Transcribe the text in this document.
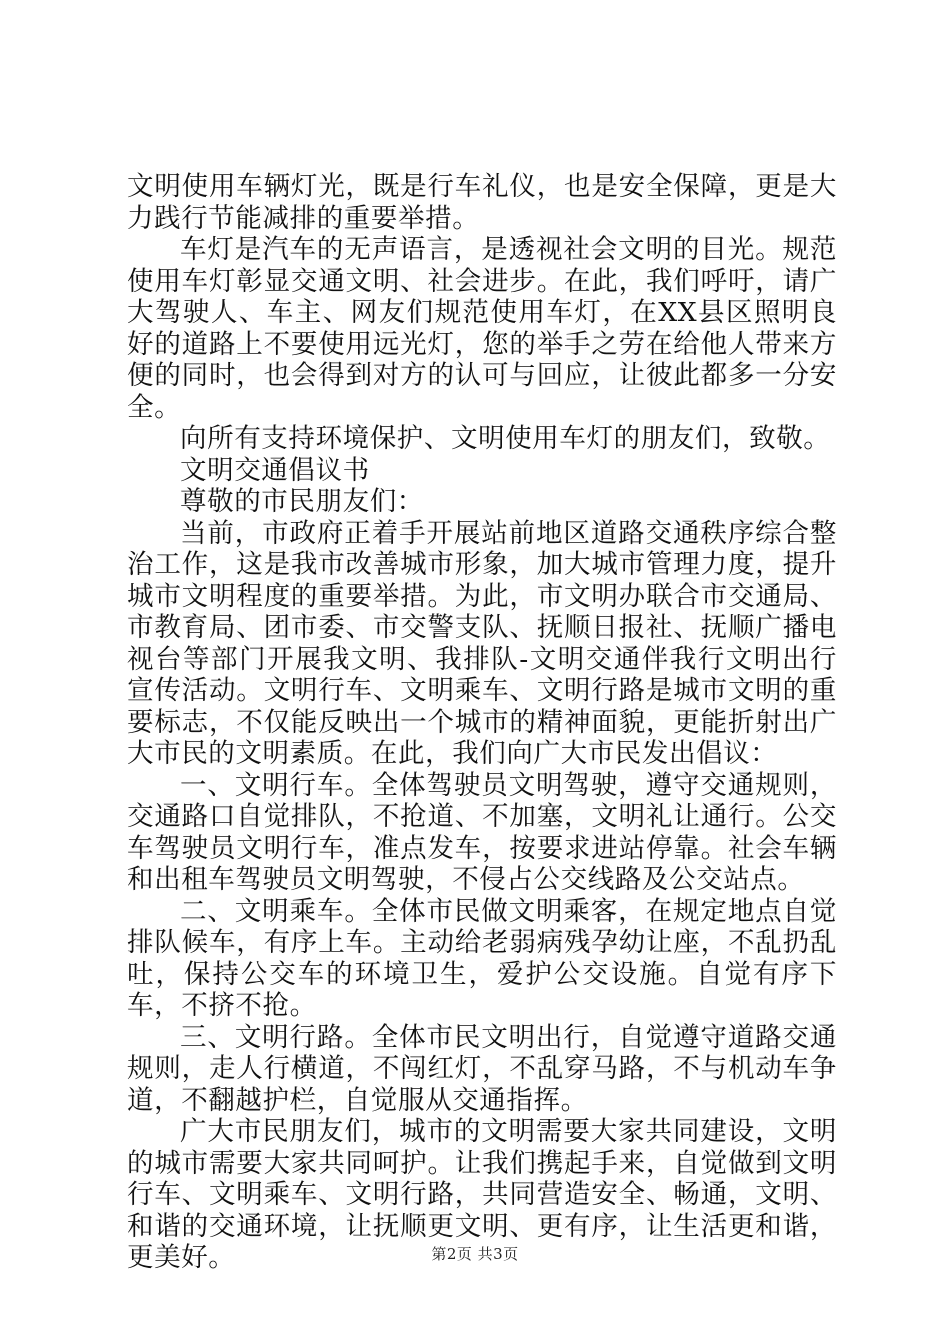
文明使用车辆灯光，既是行车礼仪，也是安全保障，更是大力践行节能减排的重要举措。

车灯是汽车的无声语言，是透视社会文明的目光。规范使用车灯彰显交通文明、社会进步。在此，我们呼吁，请广大驾驶人、车主、网友们规范使用车灯，在XX县区照明良好的道路上不要使用远光灯，您的举手之劳在给他人带来方便的同时，也会得到对方的认可与回应，让彼此都多一分安全。

向所有支持环境保护、文明使用车灯的朋友们，致敬。

文明交通倡议书

尊敬的市民朋友们：

当前，市政府正着手开展站前地区道路交通秩序综合整治工作，这是我市改善城市形象，加大城市管理力度，提升城市文明程度的重要举措。为此，市文明办联合市交通局、市教育局、团市委、市交警支队、抚顺日报社、抚顺广播电视台等部门开展我文明、我排队-文明交通伴我行文明出行宣传活动。文明行车、文明乘车、文明行路是城市文明的重要标志，不仅能反映出一个城市的精神面貌，更能折射出广大市民的文明素质。在此，我们向广大市民发出倡议：

一、文明行车。全体驾驶员文明驾驶，遵守交通规则，交通路口自觉排队，不抢道、不加塞，文明礼让通行。公交车驾驶员文明行车，准点发车，按要求进站停靠。社会车辆和出租车驾驶员文明驾驶，不侵占公交线路及公交站点。

二、文明乘车。全体市民做文明乘客，在规定地点自觉排队候车，有序上车。主动给老弱病残孕幼让座，不乱扔乱吐，保持公交车的环境卫生，爱护公交设施。自觉有序下车，不挤不抢。

三、文明行路。全体市民文明出行，自觉遵守道路交通规则，走人行横道，不闯红灯，不乱穿马路，不与机动车争道，不翻越护栏，自觉服从交通指挥。

广大市民朋友们，城市的文明需要大家共同建设，文明的城市需要大家共同呵护。让我们携起手来，自觉做到文明行车、文明乘车、文明行路，共同营造安全、畅通，文明、和谐的交通环境，让抚顺更文明、更有序，让生活更和谐，更美好。	第2页 共3页
